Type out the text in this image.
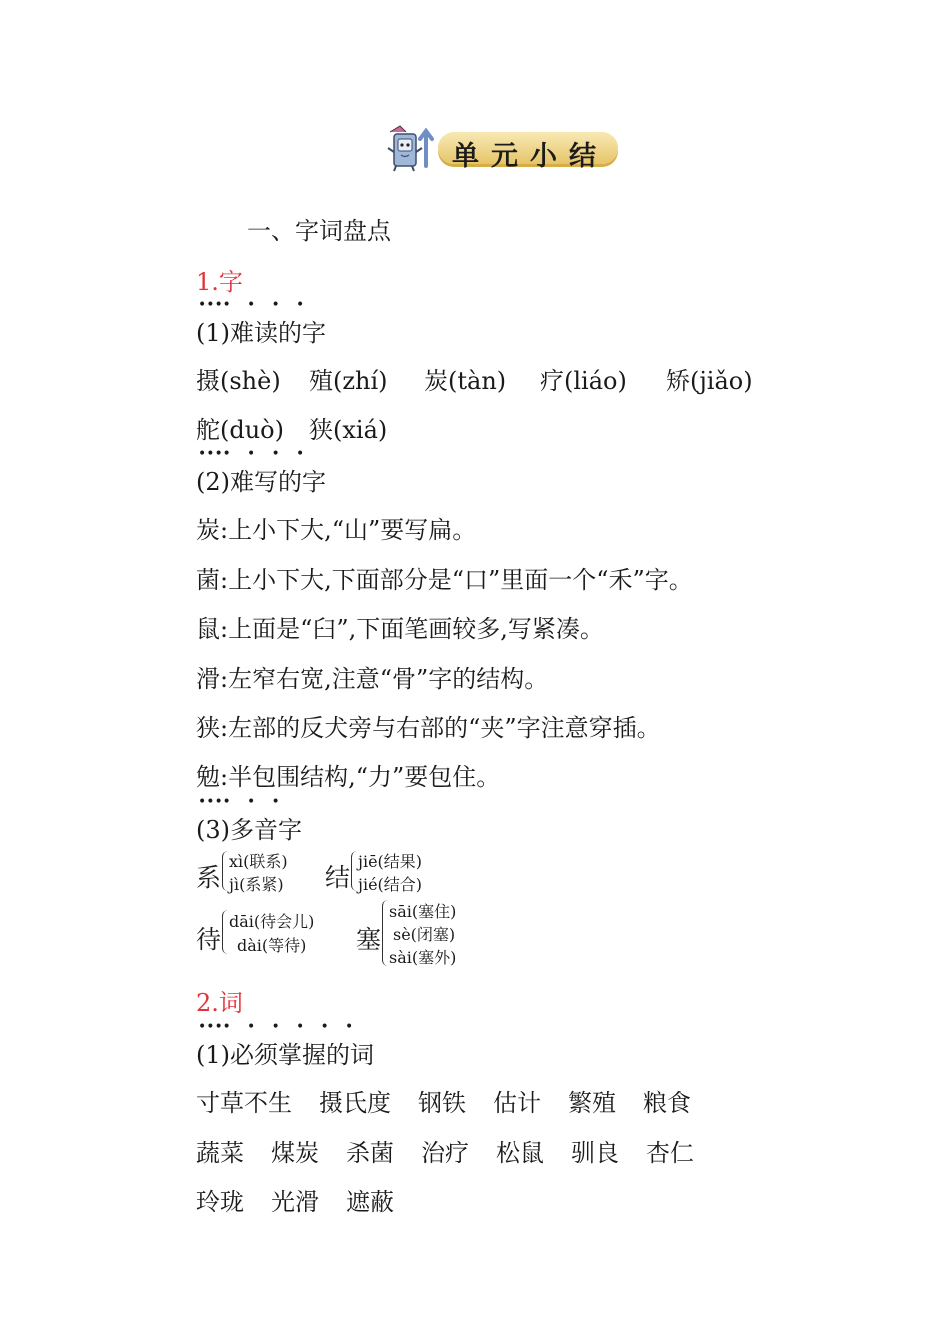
单元小结
一、字词盘点
1.字
•••• • • •
(1)难读的字
摄(shè) 殖(zhí) 炭(tàn) 疗(liáo) 矫(jiǎo)
舵(duò) 狭(xiá)
•••• • • •
(2)难写的字
炭:上小下大,“山”要写扁。
菌:上小下大,下面部分是“口”里面一个“禾”字。
鼠:上面是“臼”,下面笔画较多,写紧凑。
滑:左窄右宽,注意“骨”字的结构。
狭:左部的反犬旁与右部的“夹”字注意穿插。
勉:半包围结构,“力”要包住。
•••• • •
(3)多音字
系
xì(联系)
jì(系紧) 结
jiē(结果)
jié(结合)
待
dāi(待会儿)
dài(等待) 塞
sāi(塞住)
sè(闭塞)
sài(塞外)
2.词
•••• • • • • •
(1)必须掌握的词
寸草不生 摄氏度 钢铁 估计 繁殖 粮食
蔬菜 煤炭 杀菌 治疗 松鼠 驯良 杏仁
玲珑 光滑 遮蔽
